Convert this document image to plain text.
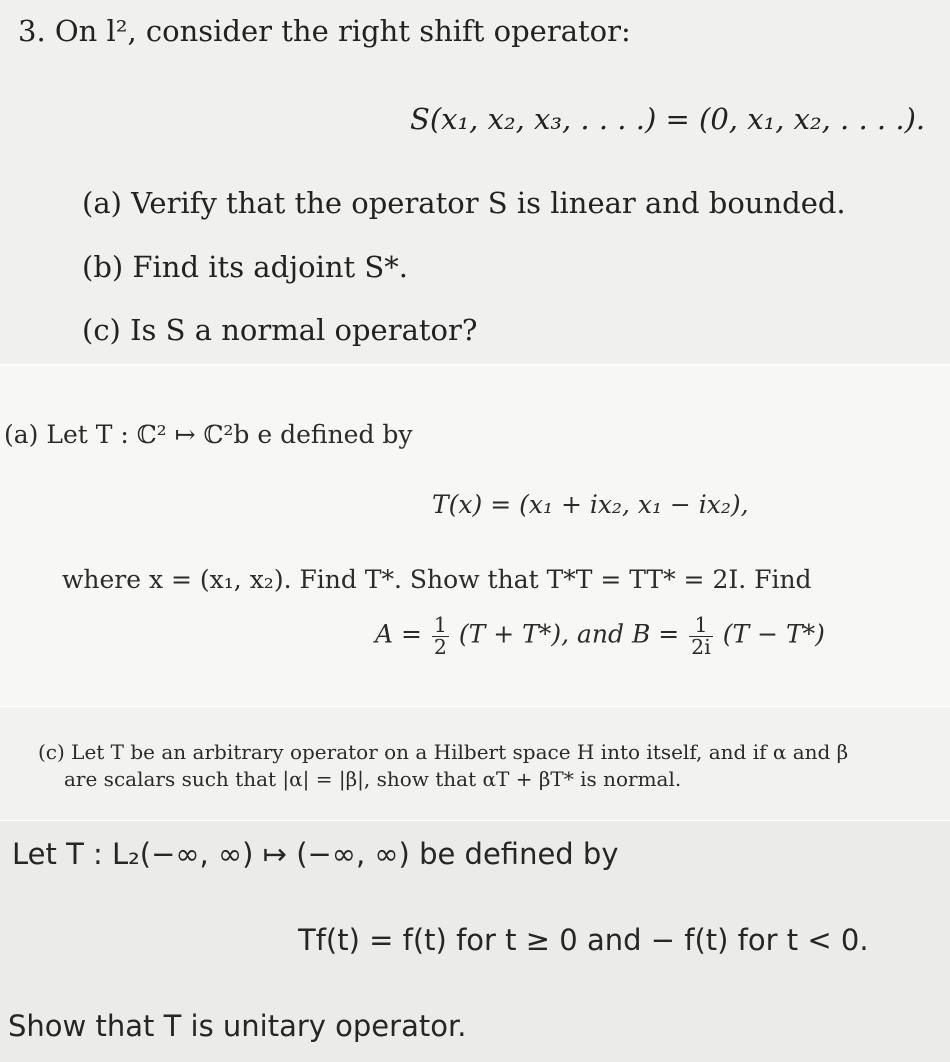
3. On l², consider the right shift operator:
S(x₁, x₂, x₃, . . . .) = (0, x₁, x₂, . . . .).
(a) Verify that the operator S is linear and bounded.
(b) Find its adjoint S*.
(c) Is S a normal operator?
(a) Let T : ℂ² ↦ ℂ²b e defined by
T(x) = (x₁ + ix₂, x₁ − ix₂),
where x = (x₁, x₂). Find T*. Show that T*T = TT* = 2I. Find
$A = \frac{1}{2} (T + T*)$, and $B = \frac{1}{2i} (T - T*)$
(c) Let T be an arbitrary operator on a Hilbert space H into itself, and if α and β
are scalars such that |α| = |β|, show that αT + βT* is normal.
Let T : L₂(−∞, ∞) ↦ (−∞, ∞) be defined by
Tf(t) = f(t) for t ≥ 0 and − f(t) for t < 0.
Show that T is unitary operator.
